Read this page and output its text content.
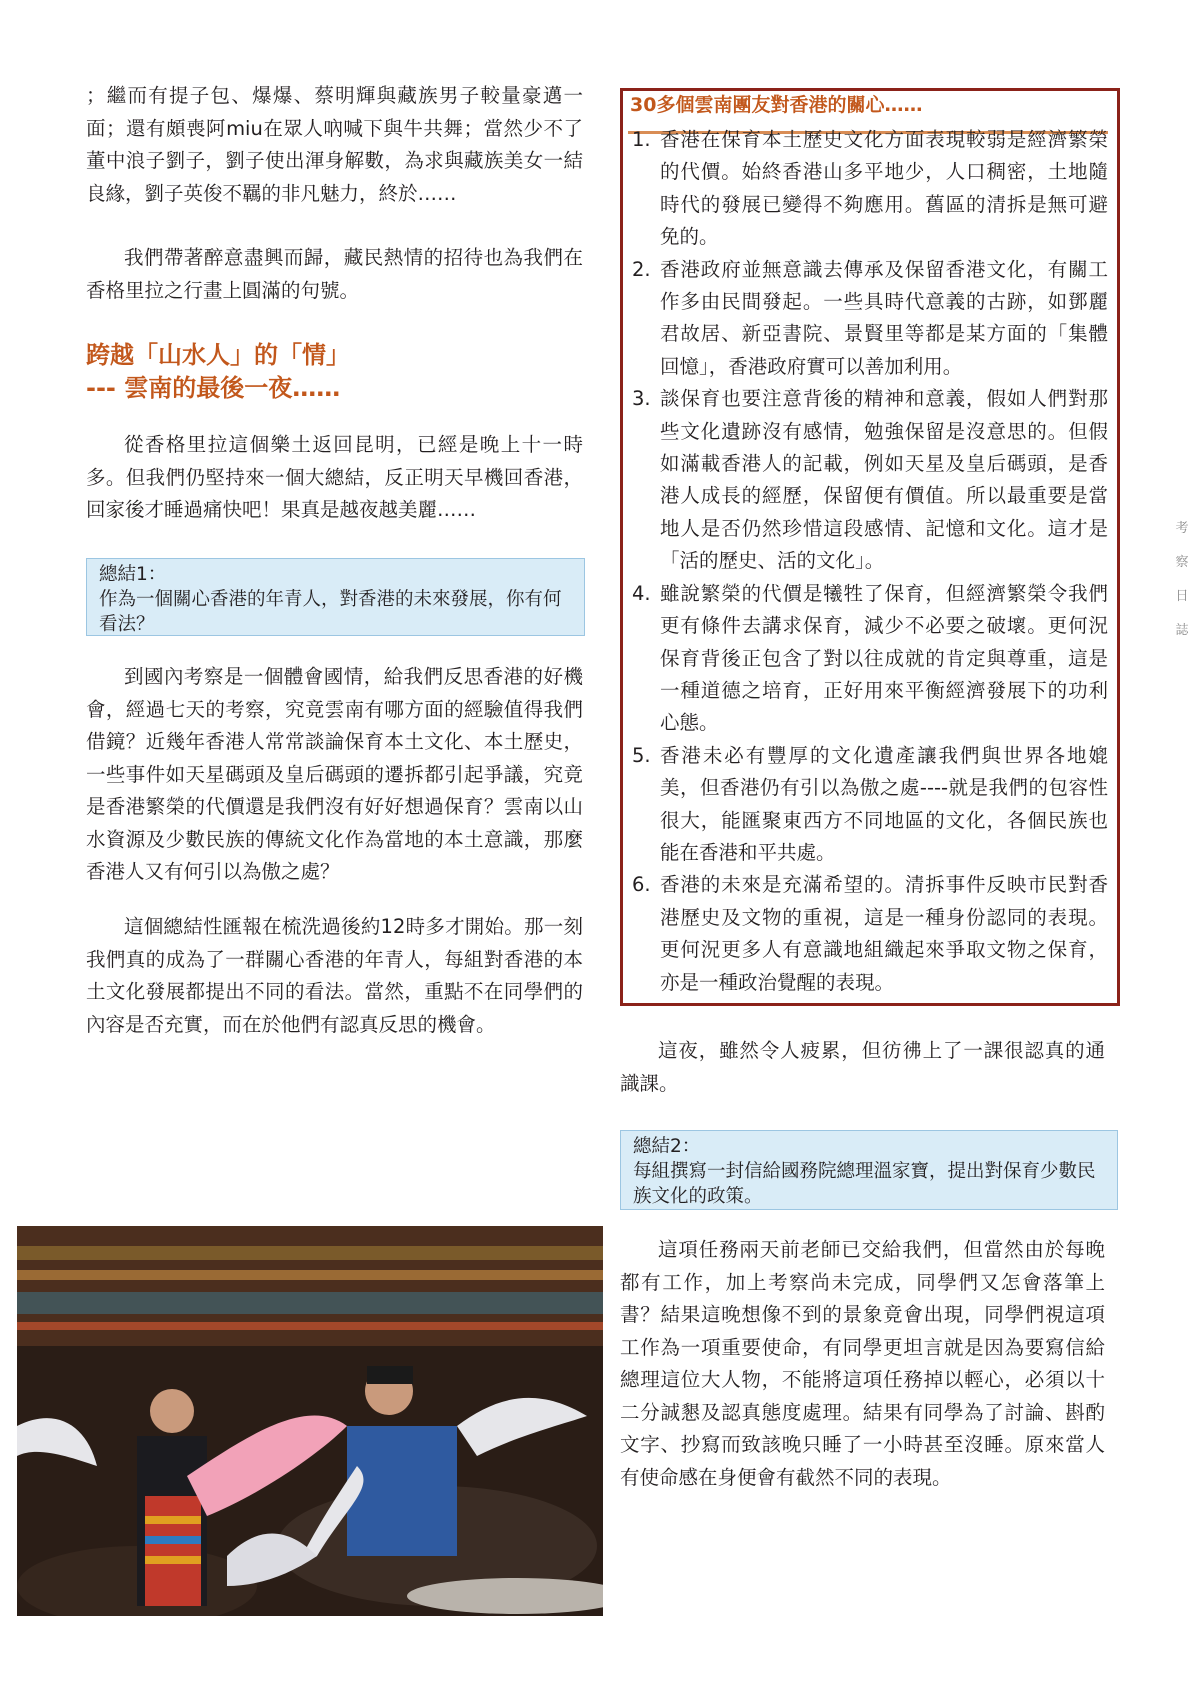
；繼而有提子包、爆爆、蔡明輝與藏族男子較量豪邁一面；還有頗喪阿miu在眾人吶喊下與牛共舞；當然少不了董中浪子劉子，劉子使出渾身解數，為求與藏族美女一結良緣，劉子英俊不羈的非凡魅力，終於……

我們帶著醉意盡興而歸，藏民熱情的招待也為我們在香格里拉之行畫上圓滿的句號。

跨越「山水人」的「情」
--- 雲南的最後一夜……

從香格里拉這個樂土返回昆明，已經是晚上十一時多。但我們仍堅持來一個大總結，反正明天早機回香港，回家後才睡過痛快吧！果真是越夜越美麗……

總結1：
作為一個關心香港的年青人，對香港的未來發展，你有何看法？

到國內考察是一個體會國情，給我們反思香港的好機會，經過七天的考察，究竟雲南有哪方面的經驗值得我們借鏡？近幾年香港人常常談論保育本土文化、本土歷史，一些事件如天星碼頭及皇后碼頭的遷拆都引起爭議，究竟是香港繁榮的代價還是我們沒有好好想過保育？雲南以山水資源及少數民族的傳統文化作為當地的本土意識，那麼香港人又有何引以為傲之處？

這個總結性匯報在梳洗過後約12時多才開始。那一刻我們真的成為了一群關心香港的年青人，每組對香港的本土文化發展都提出不同的看法。當然，重點不在同學們的內容是否充實，而在於他們有認真反思的機會。

30多個雲南團友對香港的關心……
1. 香港在保育本土歷史文化方面表現較弱是經濟繁榮的代價。始終香港山多平地少，人口稠密，土地隨時代的發展已變得不夠應用。舊區的清拆是無可避免的。
2. 香港政府並無意識去傳承及保留香港文化，有關工作多由民間發起。一些具時代意義的古跡，如鄧麗君故居、新亞書院、景賢里等都是某方面的「集體回憶」，香港政府實可以善加利用。
3. 談保育也要注意背後的精神和意義，假如人們對那些文化遺跡沒有感情，勉強保留是沒意思的。但假如滿載香港人的記載，例如天星及皇后碼頭，是香港人成長的經歷，保留便有價值。所以最重要是當地人是否仍然珍惜這段感情、記憶和文化。這才是「活的歷史、活的文化」。
4. 雖說繁榮的代價是犧牲了保育，但經濟繁榮令我們更有條件去講求保育，減少不必要之破壞。更何況保育背後正包含了對以往成就的肯定與尊重，這是一種道德之培育，正好用來平衡經濟發展下的功利心態。
5. 香港未必有豐厚的文化遺產讓我們與世界各地媲美，但香港仍有引以為傲之處----就是我們的包容性很大，能匯聚東西方不同地區的文化，各個民族也能在香港和平共處。
6. 香港的未來是充滿希望的。清拆事件反映市民對香港歷史及文物的重視，這是一種身份認同的表現。更何況更多人有意識地組織起來爭取文物之保育，亦是一種政治覺醒的表現。

這夜，雖然令人疲累，但彷彿上了一課很認真的通識課。

總結2：
每組撰寫一封信給國務院總理溫家寶，提出對保育少數民族文化的政策。

這項任務兩天前老師已交給我們，但當然由於每晚都有工作，加上考察尚未完成，同學們又怎會落筆上書？結果這晚想像不到的景象竟會出現，同學們視這項工作為一項重要使命，有同學更坦言就是因為要寫信給總理這位大人物，不能將這項任務掉以輕心，必須以十二分誠懇及認真態度處理。結果有同學為了討論、斟酌文字、抄寫而致該晚只睡了一小時甚至沒睡。原來當人有使命感在身便會有截然不同的表現。

考
察
日
誌
